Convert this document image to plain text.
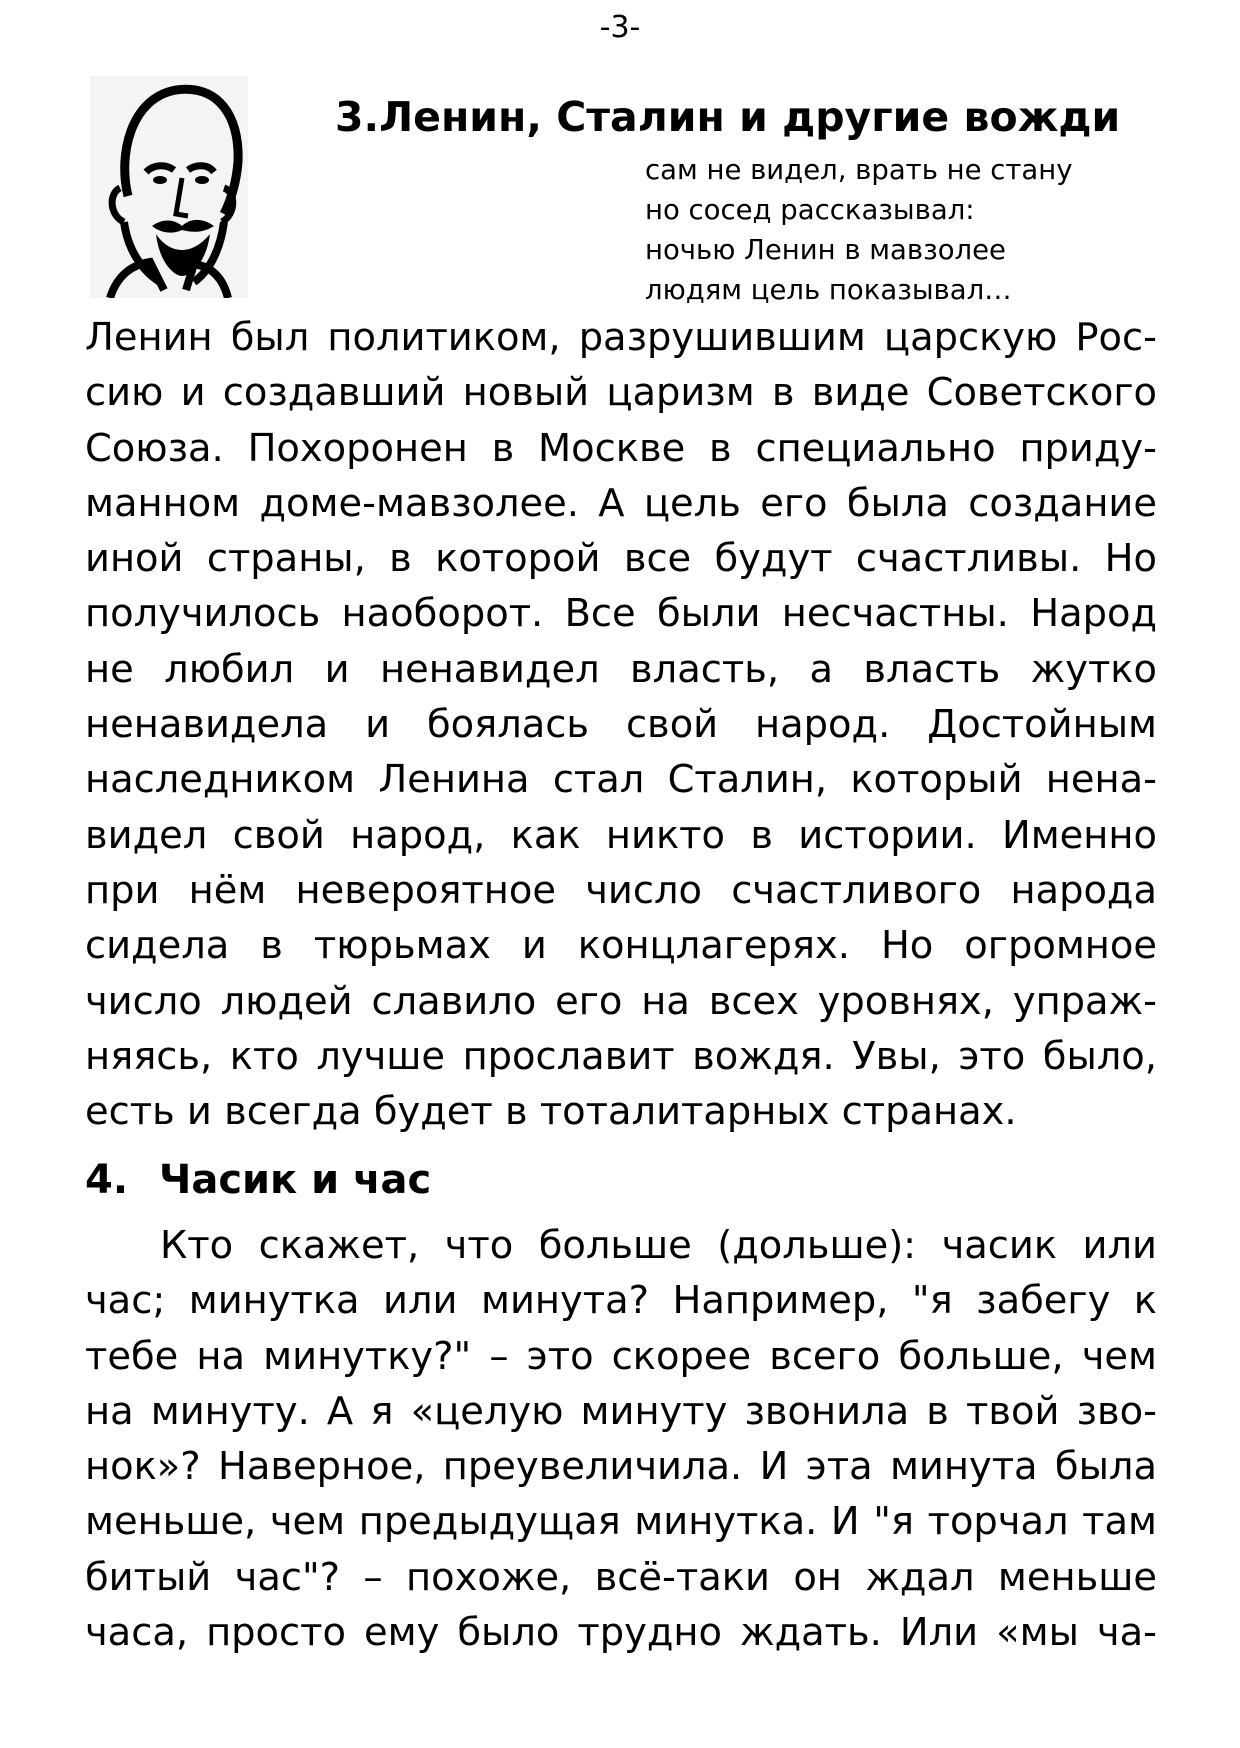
-3-
3.Ленин, Сталин и другие вожди
сам не видел, врать не стану
но сосед рассказывал:
ночью Ленин в мавзолее
людям цель показывал…
Ленин был политиком, разрушившим царскую Рос-
сию и создавший новый царизм в виде Советского
Союза. Похоронен в Москве в специально приду-
манном доме-мавзолее. А цель его была создание
иной страны, в которой все будут счастливы. Но
получилось наоборот. Все были несчастны. Народ
не любил и ненавидел власть, а власть жутко
ненавидела и боялась свой народ. Достойным
наследником Ленина стал Сталин, который нена-
видел свой народ, как никто в истории. Именно
при нём невероятное число счастливого народа
сидела в тюрьмах и концлагерях. Но огромное
число людей славило его на всех уровнях, упраж-
няясь, кто лучше прославит вождя. Увы, это было,
есть и всегда будет в тоталитарных странах.
4. Часик и час
Кто скажет, что больше (дольше): часик или
час; минутка или минута? Например, "я забегу к
тебе на минутку?" – это скорее всего больше, чем
на минуту. А я «целую минуту звонила в твой зво-
нок»? Наверное, преувеличила. И эта минута была
меньше, чем предыдущая минутка. И "я торчал там
битый час"? – похоже, всё-таки он ждал меньше
часа, просто ему было трудно ждать. Или «мы ча-
